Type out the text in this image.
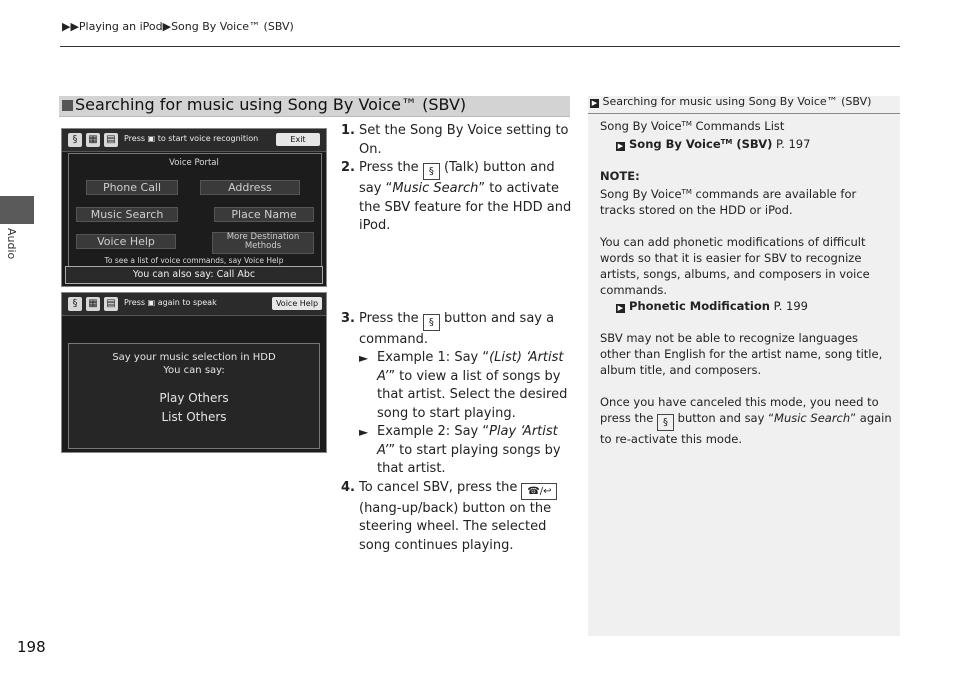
▶▶Playing an iPod▶Song By Voice™ (SBV)
Audio
198
Searching for music using Song By Voice™ (SBV)
§	▦ ▤ Press ▣ to start voice recognition	Exit
Voice Portal
Phone Call	Address
Music Search	Place Name
Voice Help	More Destination Methods
To see a list of voice commands, say Voice Help
You can also say: Call Abc
§	▦ ▤ Press ▣ again to speak	Voice Help
Say your music selection in HDD
You can say:
Play Others
List Others
1. Set the Song By Voice setting to On.
2. Press the § (Talk) button and say “Music Search” to activate the SBV feature for the HDD and iPod.
3. Press the § button and say a command.
► Example 1: Say “(List) ‘Artist A’” to view a list of songs by that artist. Select the desired song to start playing.
► Example 2: Say “Play ‘Artist A’” to start playing songs by that artist.
4. To cancel SBV, press the ☎/↩ (hang-up/back) button on the steering wheel. The selected song continues playing.
▶ Searching for music using Song By Voice™ (SBV)

Song By Voice™ Commands List
▶ Song By Voice™ (SBV) P. 197

NOTE:
Song By Voice™ commands are available for tracks stored on the HDD or iPod.

You can add phonetic modifications of difficult words so that it is easier for SBV to recognize artists, songs, albums, and composers in voice commands.
▶ Phonetic Modification P. 199

SBV may not be able to recognize languages other than English for the artist name, song title, album title, and composers.

Once you have canceled this mode, you need to press the § button and say “Music Search” again to re-activate this mode.
